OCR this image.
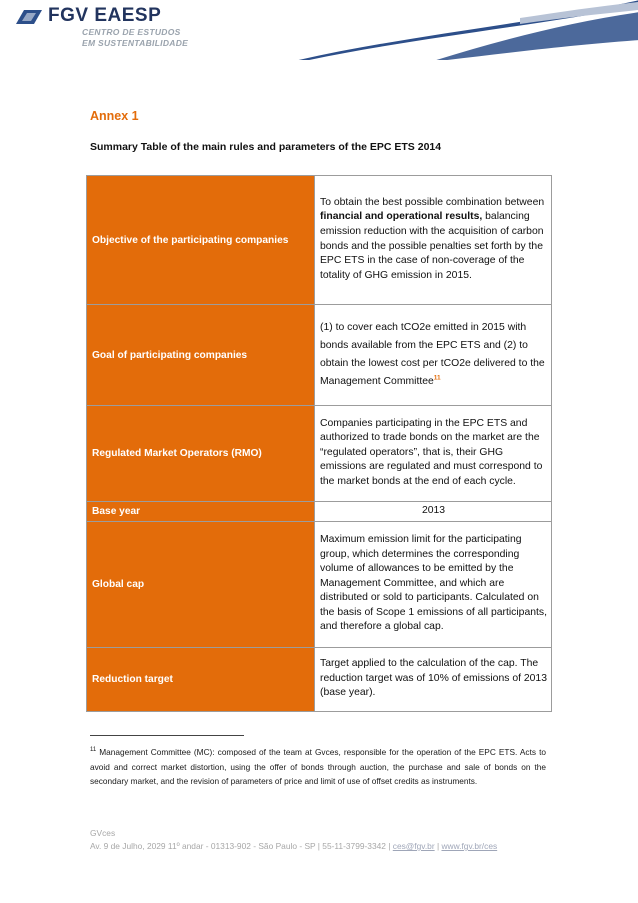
FGV EAESP
CENTRO DE ESTUDOS
EM SUSTENTABILIDADE
Annex 1
Summary Table of the main rules and parameters of the EPC ETS 2014
Objective of the participating companies	To obtain the best possible combination between financial and operational results, balancing emission reduction with the acquisition of carbon bonds and the possible penalties set forth by the EPC ETS in the case of non-coverage of the totality of GHG emission in 2015.
Goal of participating companies	(1) to cover each tCO2e emitted in 2015 with bonds available from the EPC ETS and (2) to obtain the lowest cost per tCO2e delivered to the Management Committee$^{11}$
Regulated Market Operators (RMO)	Companies participating in the EPC ETS and authorized to trade bonds on the market are the “regulated operators”, that is, their GHG emissions are regulated and must correspond to the market bonds at the end of each cycle.
Base year	2013
Global cap	Maximum emission limit for the participating group, which determines the corresponding volume of allowances to be emitted by the Management Committee, and which are distributed or sold to participants. Calculated on the basis of Scope 1 emissions of all participants, and therefore a global cap.
Reduction target	Target applied to the calculation of the cap. The reduction target was of 10% of emissions of 2013 (base year).
$^{11}$ Management Committee (MC): composed of the team at Gvces, responsible for the operation of the EPC ETS. Acts to avoid and correct market distortion, using the offer of bonds through auction, the purchase and sale of bonds on the secondary market, and the revision of parameters of price and limit of use of offset credits as instruments.
GVces
Av. 9 de Julho, 2029 11º andar - 01313-902 - São Paulo - SP | 55-11-3799-3342 | ces@fgv.br | www.fgv.br/ces
